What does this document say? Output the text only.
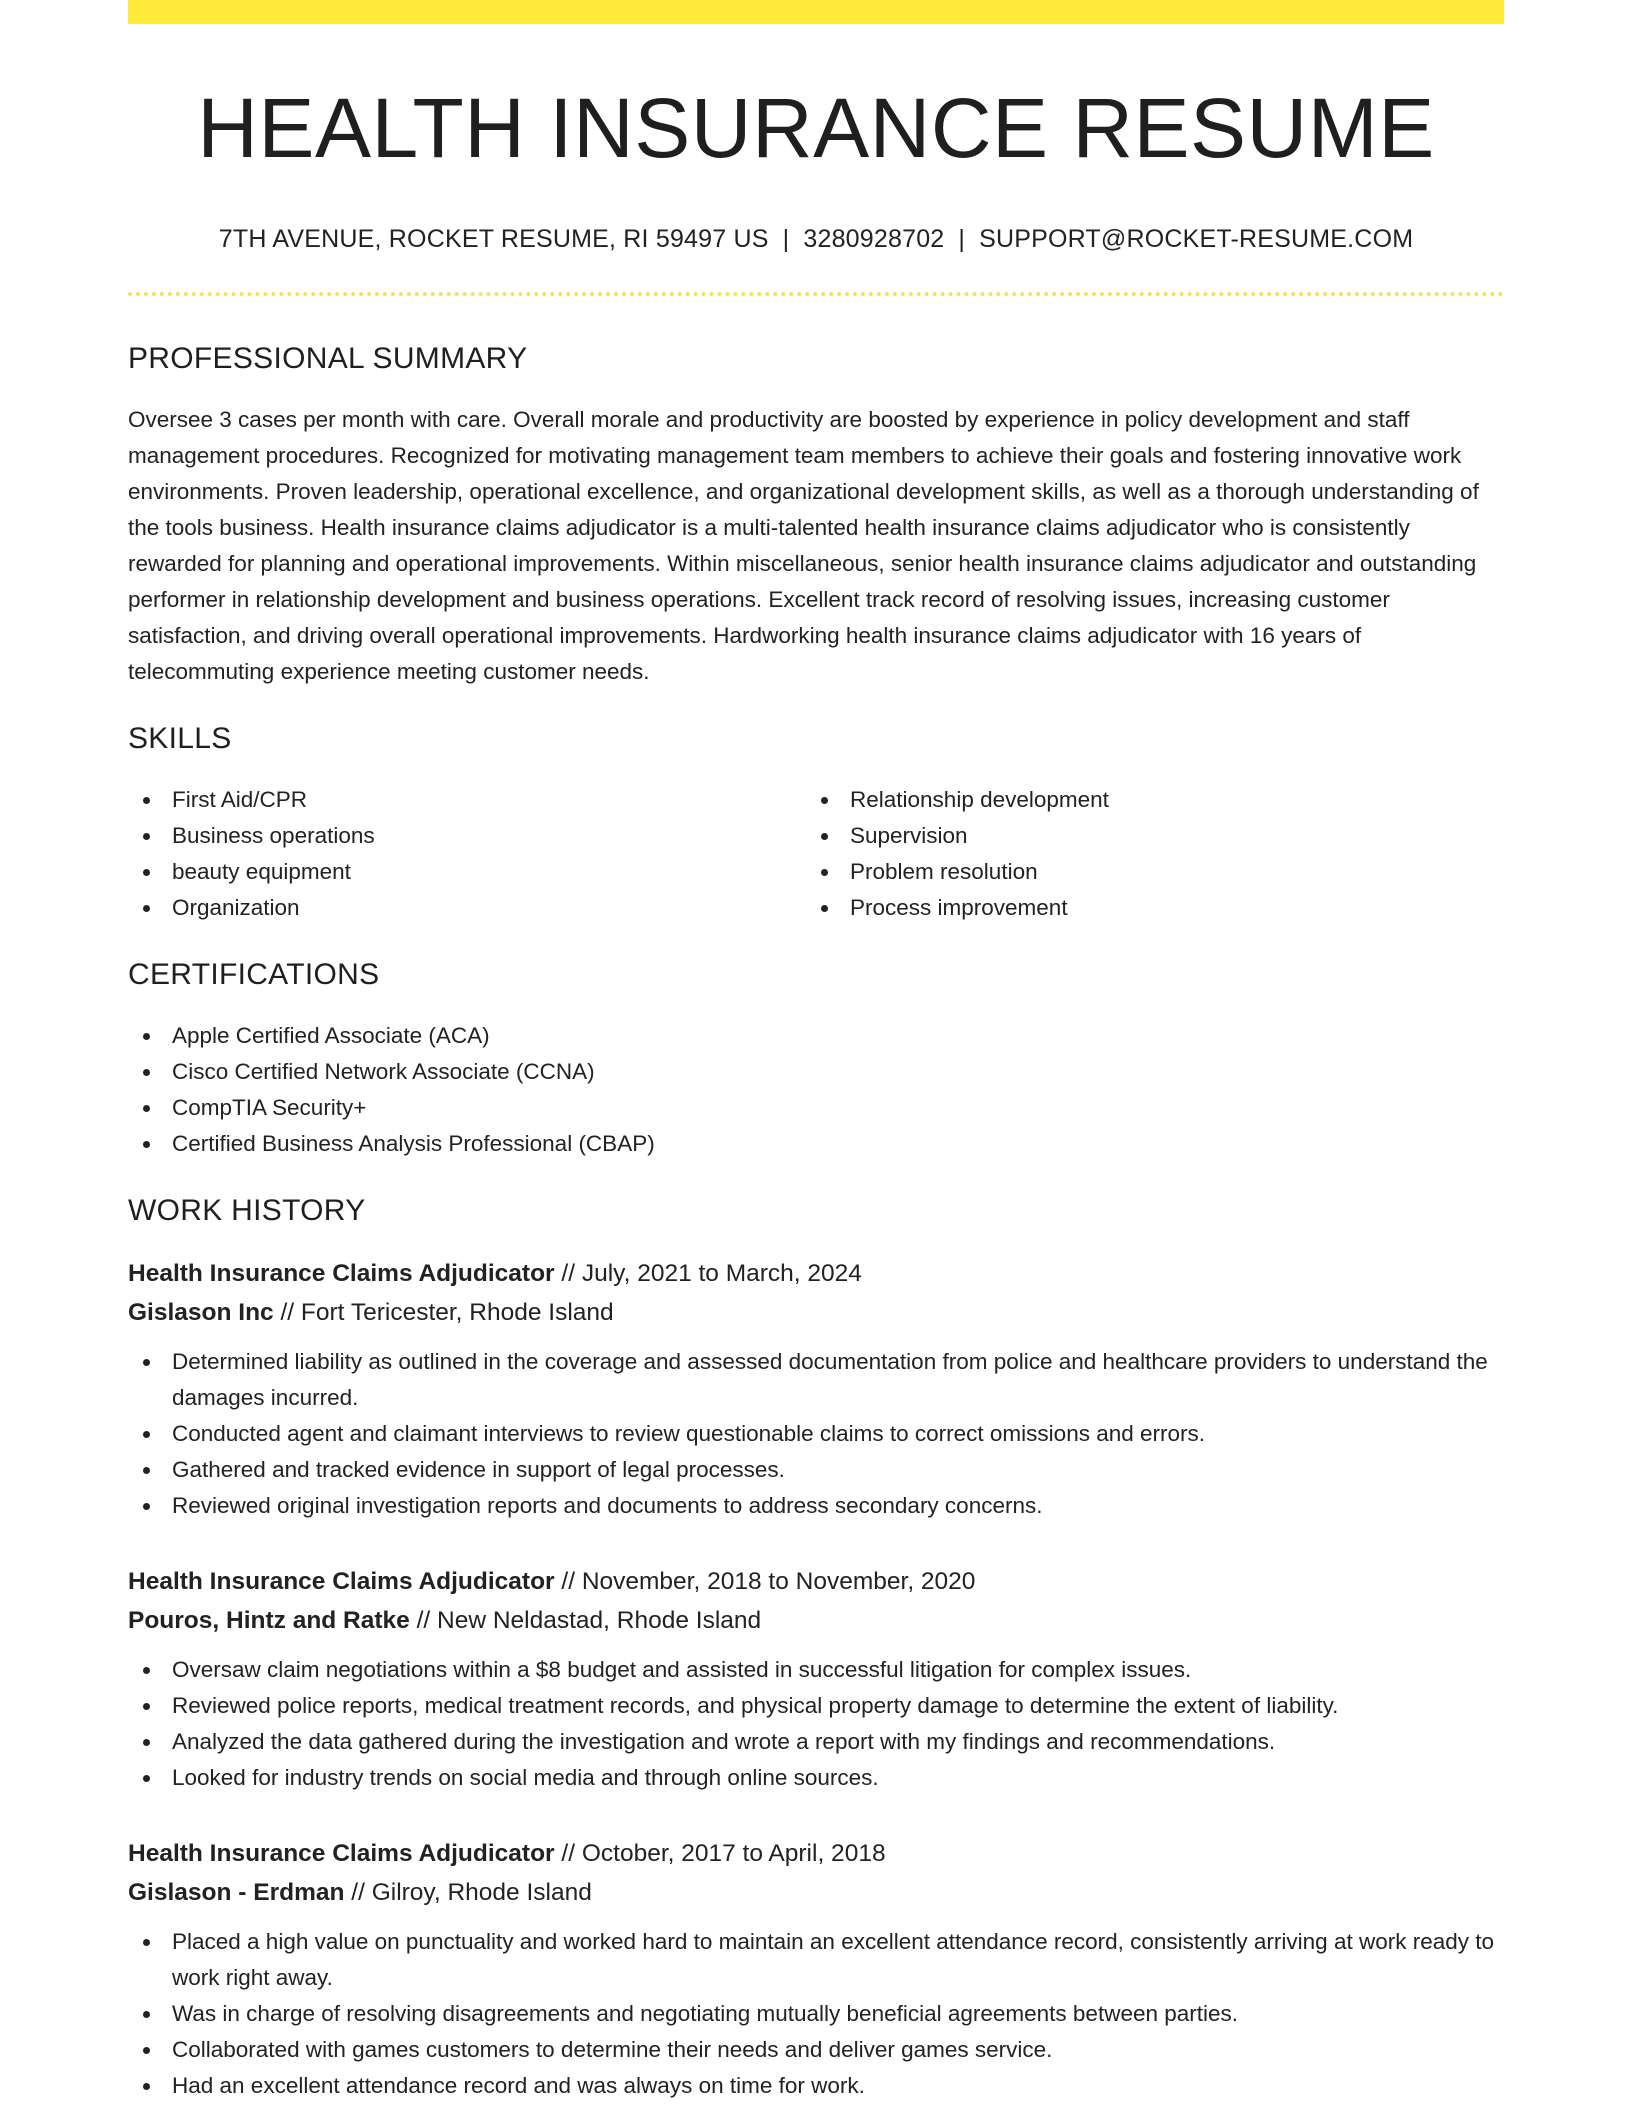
HEALTH INSURANCE RESUME
7TH AVENUE, ROCKET RESUME, RI 59497 US | 3280928702 | SUPPORT@ROCKET-RESUME.COM
PROFESSIONAL SUMMARY

Oversee 3 cases per month with care. Overall morale and productivity are boosted by experience in policy development and staff management procedures. Recognized for motivating management team members to achieve their goals and fostering innovative work environments. Proven leadership, operational excellence, and organizational development skills, as well as a thorough understanding of the tools business. Health insurance claims adjudicator is a multi-talented health insurance claims adjudicator who is consistently rewarded for planning and operational improvements. Within miscellaneous, senior health insurance claims adjudicator and outstanding performer in relationship development and business operations. Excellent track record of resolving issues, increasing customer satisfaction, and driving overall operational improvements. Hardworking health insurance claims adjudicator with 16 years of telecommuting experience meeting customer needs.

SKILLS
First Aid/CPR
Business operations
beauty equipment
Organization
Relationship development
Supervision
Problem resolution
Process improvement
CERTIFICATIONS
Apple Certified Associate (ACA)
Cisco Certified Network Associate (CCNA)
CompTIA Security+
Certified Business Analysis Professional (CBAP)
WORK HISTORY
Health Insurance Claims Adjudicator // July, 2021 to March, 2024
Gislason Inc // Fort Tericester, Rhode Island
Determined liability as outlined in the coverage and assessed documentation from police and healthcare providers to understand the damages incurred.
Conducted agent and claimant interviews to review questionable claims to correct omissions and errors.
Gathered and tracked evidence in support of legal processes.
Reviewed original investigation reports and documents to address secondary concerns.
Health Insurance Claims Adjudicator // November, 2018 to November, 2020
Pouros, Hintz and Ratke // New Neldastad, Rhode Island
Oversaw claim negotiations within a $8 budget and assisted in successful litigation for complex issues.
Reviewed police reports, medical treatment records, and physical property damage to determine the extent of liability.
Analyzed the data gathered during the investigation and wrote a report with my findings and recommendations.
Looked for industry trends on social media and through online sources.
Health Insurance Claims Adjudicator // October, 2017 to April, 2018
Gislason - Erdman // Gilroy, Rhode Island
Placed a high value on punctuality and worked hard to maintain an excellent attendance record, consistently arriving at work ready to work right away.
Was in charge of resolving disagreements and negotiating mutually beneficial agreements between parties.
Collaborated with games customers to determine their needs and deliver games service.
Had an excellent attendance record and was always on time for work.
